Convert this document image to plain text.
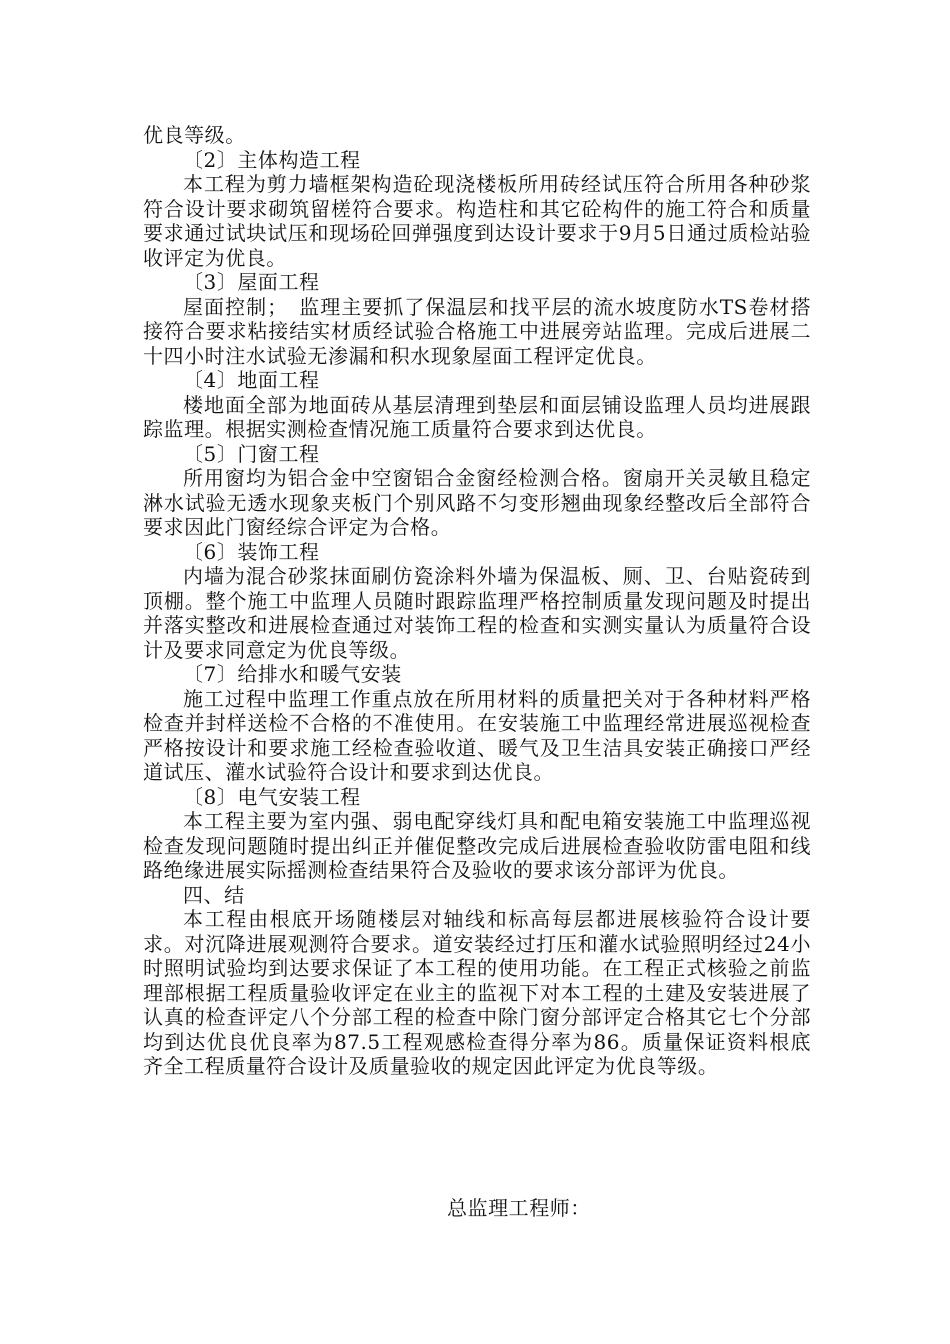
优良等级。

〔2〕主体构造工程

本工程为剪力墙框架构造砼现浇楼板所用砖经试压符合所用各种砂浆符合设计要求砌筑留槎符合要求。构造柱和其它砼构件的施工符合和质量要求通过试块试压和现场砼回弹强度到达设计要求于9月5日通过质检站验收评定为优良。

〔3〕屋面工程

屋面控制；　监理主要抓了保温层和找平层的流水坡度防水TS卷材搭接符合要求粘接结实材质经试验合格施工中进展旁站监理。完成后进展二十四小时注水试验无渗漏和积水现象屋面工程评定优良。

〔4〕地面工程

楼地面全部为地面砖从基层清理到垫层和面层铺设监理人员均进展跟踪监理。根据实测检查情况施工质量符合要求到达优良。

〔5〕门窗工程

所用窗均为铝合金中空窗铝合金窗经检测合格。窗扇开关灵敏且稳定淋水试验无透水现象夹板门个别风路不匀变形翘曲现象经整改后全部符合要求因此门窗经综合评定为合格。

〔6〕装饰工程

内墙为混合砂浆抹面刷仿瓷涂料外墙为保温板、厕、卫、台贴瓷砖到顶棚。整个施工中监理人员随时跟踪监理严格控制质量发现问题及时提出并落实整改和进展检查通过对装饰工程的检查和实测实量认为质量符合设计及要求同意定为优良等级。

〔7〕给排水和暖气安装

施工过程中监理工作重点放在所用材料的质量把关对于各种材料严格检查并封样送检不合格的不准使用。在安装施工中监理经常进展巡视检查严格按设计和要求施工经检查验收道、暖气及卫生洁具安装正确接口严经道试压、灌水试验符合设计和要求到达优良。

〔8〕电气安装工程

本工程主要为室内强、弱电配穿线灯具和配电箱安装施工中监理巡视检查发现问题随时提出纠正并催促整改完成后进展检查验收防雷电阻和线路绝缘进展实际摇测检查结果符合及验收的要求该分部评为优良。

四、结

本工程由根底开场随楼层对轴线和标高每层都进展核验符合设计要求。对沉降进展观测符合要求。道安装经过打压和灌水试验照明经过24小时照明试验均到达要求保证了本工程的使用功能。在工程正式核验之前监理部根据工程质量验收评定在业主的监视下对本工程的土建及安装进展了认真的检查评定八个分部工程的检查中除门窗分部评定合格其它七个分部均到达优良优良率为87.5工程观感检查得分率为86。质量保证资料根底齐全工程质量符合设计及质量验收的规定因此评定为优良等级。

总监理工程师：
